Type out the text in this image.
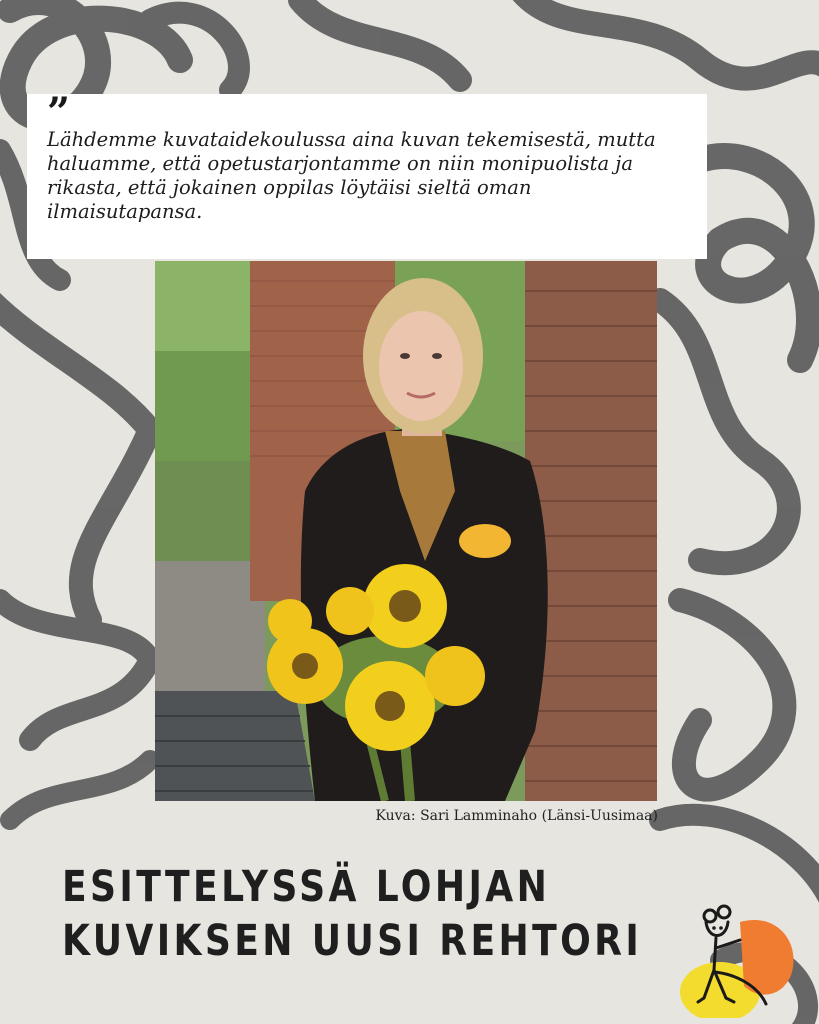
”

Lähdemme kuvataidekoulussa aina kuvan tekemisestä, mutta haluamme, että opetustarjontamme on niin monipuolista ja rikasta, että jokainen oppilas löytäisi sieltä oman ilmaisutapansa.

Kuva: Sari Lamminaho (Länsi-Uusimaa)
ESITTELYSSÄ LOHJAN
KUVIKSEN UUSI REHTORI
